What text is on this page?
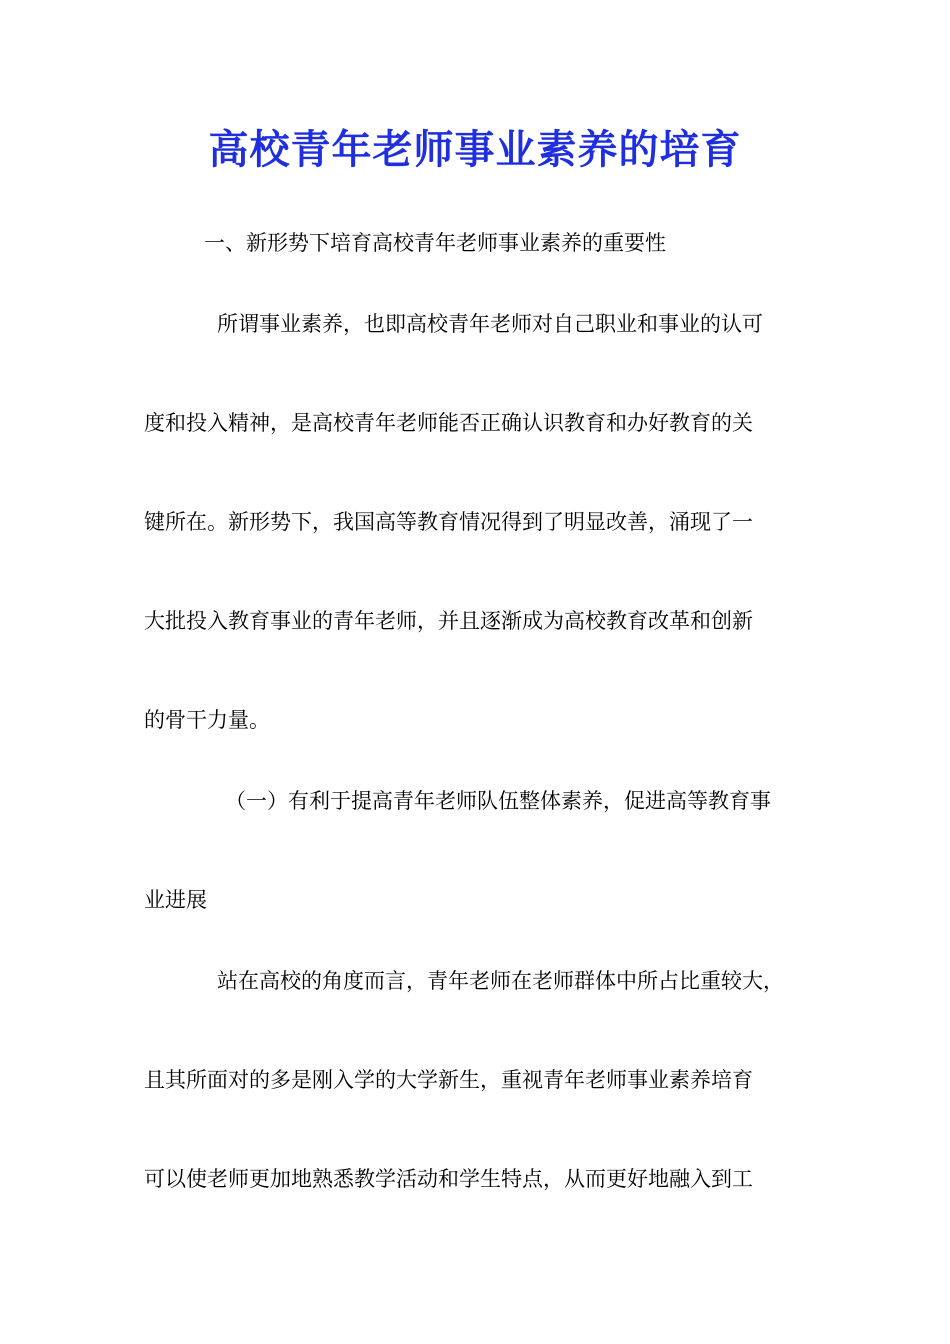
高校青年老师事业素养的培育

一、新形势下培育高校青年老师事业素养的重要性

所谓事业素养，也即高校青年老师对自己职业和事业的认可

度和投入精神，是高校青年老师能否正确认识教育和办好教育的关

键所在。新形势下，我国高等教育情况得到了明显改善，涌现了一

大批投入教育事业的青年老师，并且逐渐成为高校教育改革和创新

的骨干力量。

（一）有利于提高青年老师队伍整体素养，促进高等教育事

业进展

站在高校的角度而言，青年老师在老师群体中所占比重较大，

且其所面对的多是刚入学的大学新生，重视青年老师事业素养培育

可以使老师更加地熟悉教学活动和学生特点，从而更好地融入到工
